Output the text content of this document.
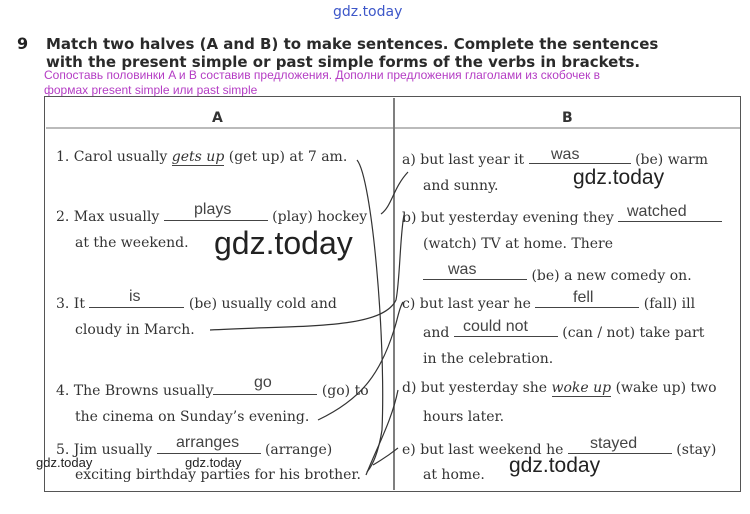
gdz.today
9 Match two halves (A and B) to make sentences. Complete the sentences
with the present simple or past simple forms of the verbs in brackets.
Сопоставь половинки A и B составив предложения. Дополни предложения глаголами из скобочек в
формах present simple или past simple
A	B
1. Carol usually gets up (get up) at 7 am.
2. Max usually	(play) hockey
plays
at the weekend.
3. It	(be) usually cold and
is
cloudy in March.
4. The Browns usually	(go) to
go
the cinema on Sunday’s evening.
5. Jim usually	(arrange)
arranges
exciting birthday parties for his brother.
a) but last year it	(be) warm
was
and sunny.
b) but yesterday evening they watched
(watch) TV at home. There
(be) a new comedy on.
was
c) but last year he	(fall) ill
fell
and	(can / not) take part
could not
in the celebration.
d) but yesterday she woke up (wake up) two
hours later.
e) but last weekend he	(stay)
stayed
at home.
gdz.today
gdz.today
gdz.today
gdz.today	gdz.today
